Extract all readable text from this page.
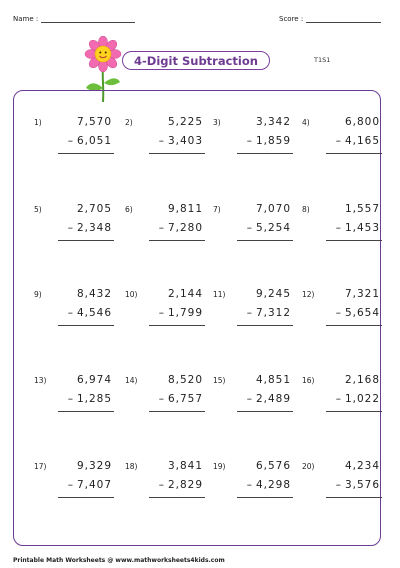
Name :	Score :
4-Digit Subtraction	T1S1
1)	7,570
– 6,051
2)	5,225
– 3,403
3)	3,342
– 1,859
4)	6,800
– 4,165
5)	2,705
– 2,348
6)	9,811
– 7,280
7)	7,070
– 5,254
8)	1,557
– 1,453
9)	8,432
– 4,546
10)	2,144
– 1,799
11)	9,245
– 7,312
12)	7,321
– 5,654
13)	6,974
– 1,285
14)	8,520
– 6,757
15)	4,851
– 2,489
16)	2,168
– 1,022
17)	9,329
– 7,407
18)	3,841
– 2,829
19)	6,576
– 4,298
20)	4,234
– 3,576
Printable Math Worksheets @ www.mathworksheets4kids.com
